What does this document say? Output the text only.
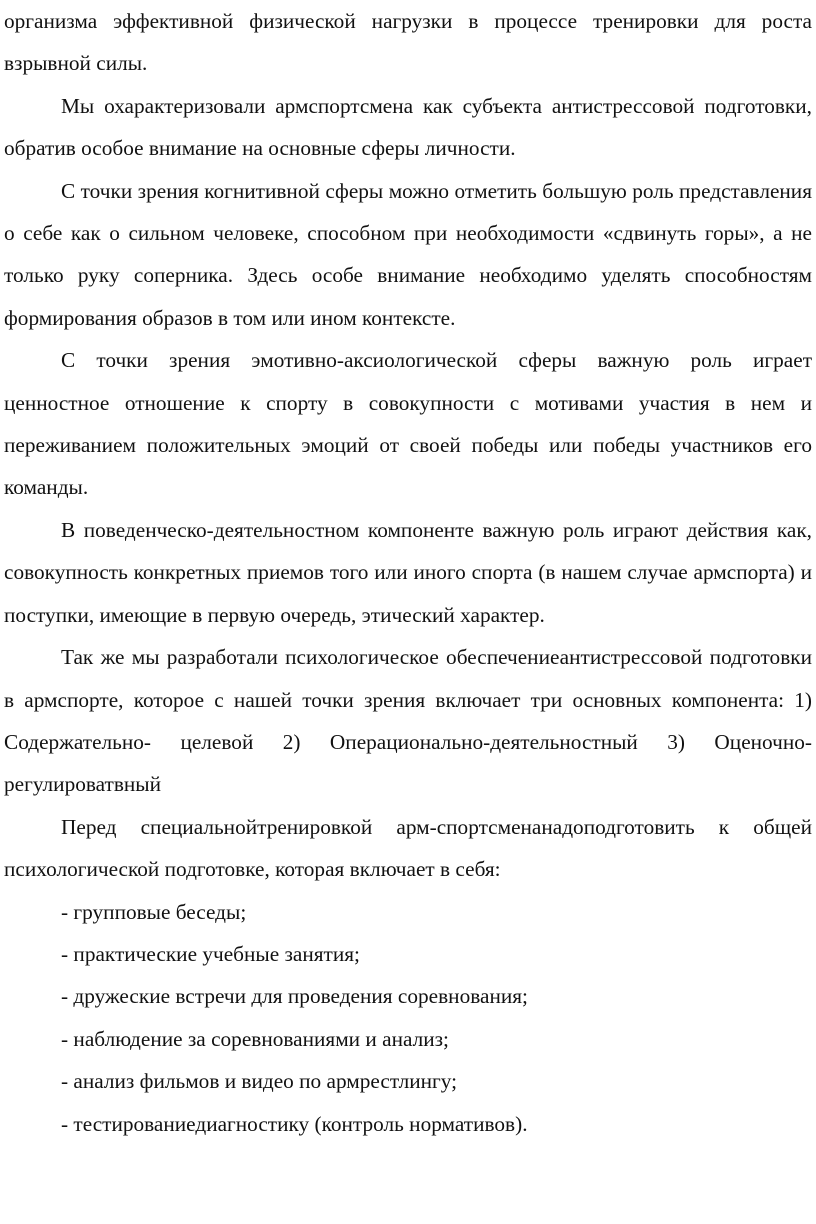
организма эффективной физической нагрузки в процессе тренировки для роста взрывной силы.

Мы охарактеризовали армспортсмена как субъекта антистрессовой подготовки, обратив особое внимание на основные сферы личности.

С точки зрения когнитивной сферы можно отметить большую роль представления о себе как о сильном человеке, способном при необходимости «сдвинуть горы», а не только руку соперника. Здесь особе внимание необходимо уделять способностям формирования образов в том или ином контексте.

С точки зрения эмотивно-аксиологической сферы важную роль играет ценностное отношение к спорту в совокупности с мотивами участия в нем и переживанием положительных эмоций от своей победы или победы участников его команды.

В поведенческо-деятельностном компоненте важную роль играют действия как, совокупность конкретных приемов того или иного спорта (в нашем случае армспорта) и поступки, имеющие в первую очередь, этический характер.

Так же мы разработали психологическое обеспечениеантистрессовой подготовки в армспорте, которое с нашей точки зрения включает три основных компонента: 1) Содержательно- целевой 2) Операционально-деятельностный 3) Оценочно-регулироватвный

Перед специальнойтренировкой арм-спортсменанадоподготовить к общей психологической подготовке, которая включает в себя:

- групповые беседы;
- практические учебные занятия;
- дружеские встречи для проведения соревнования;
- наблюдение за соревнованиями и анализ;
- анализ фильмов и видео по армрестлингу;
- тестированиедиагностику (контроль нормативов).
